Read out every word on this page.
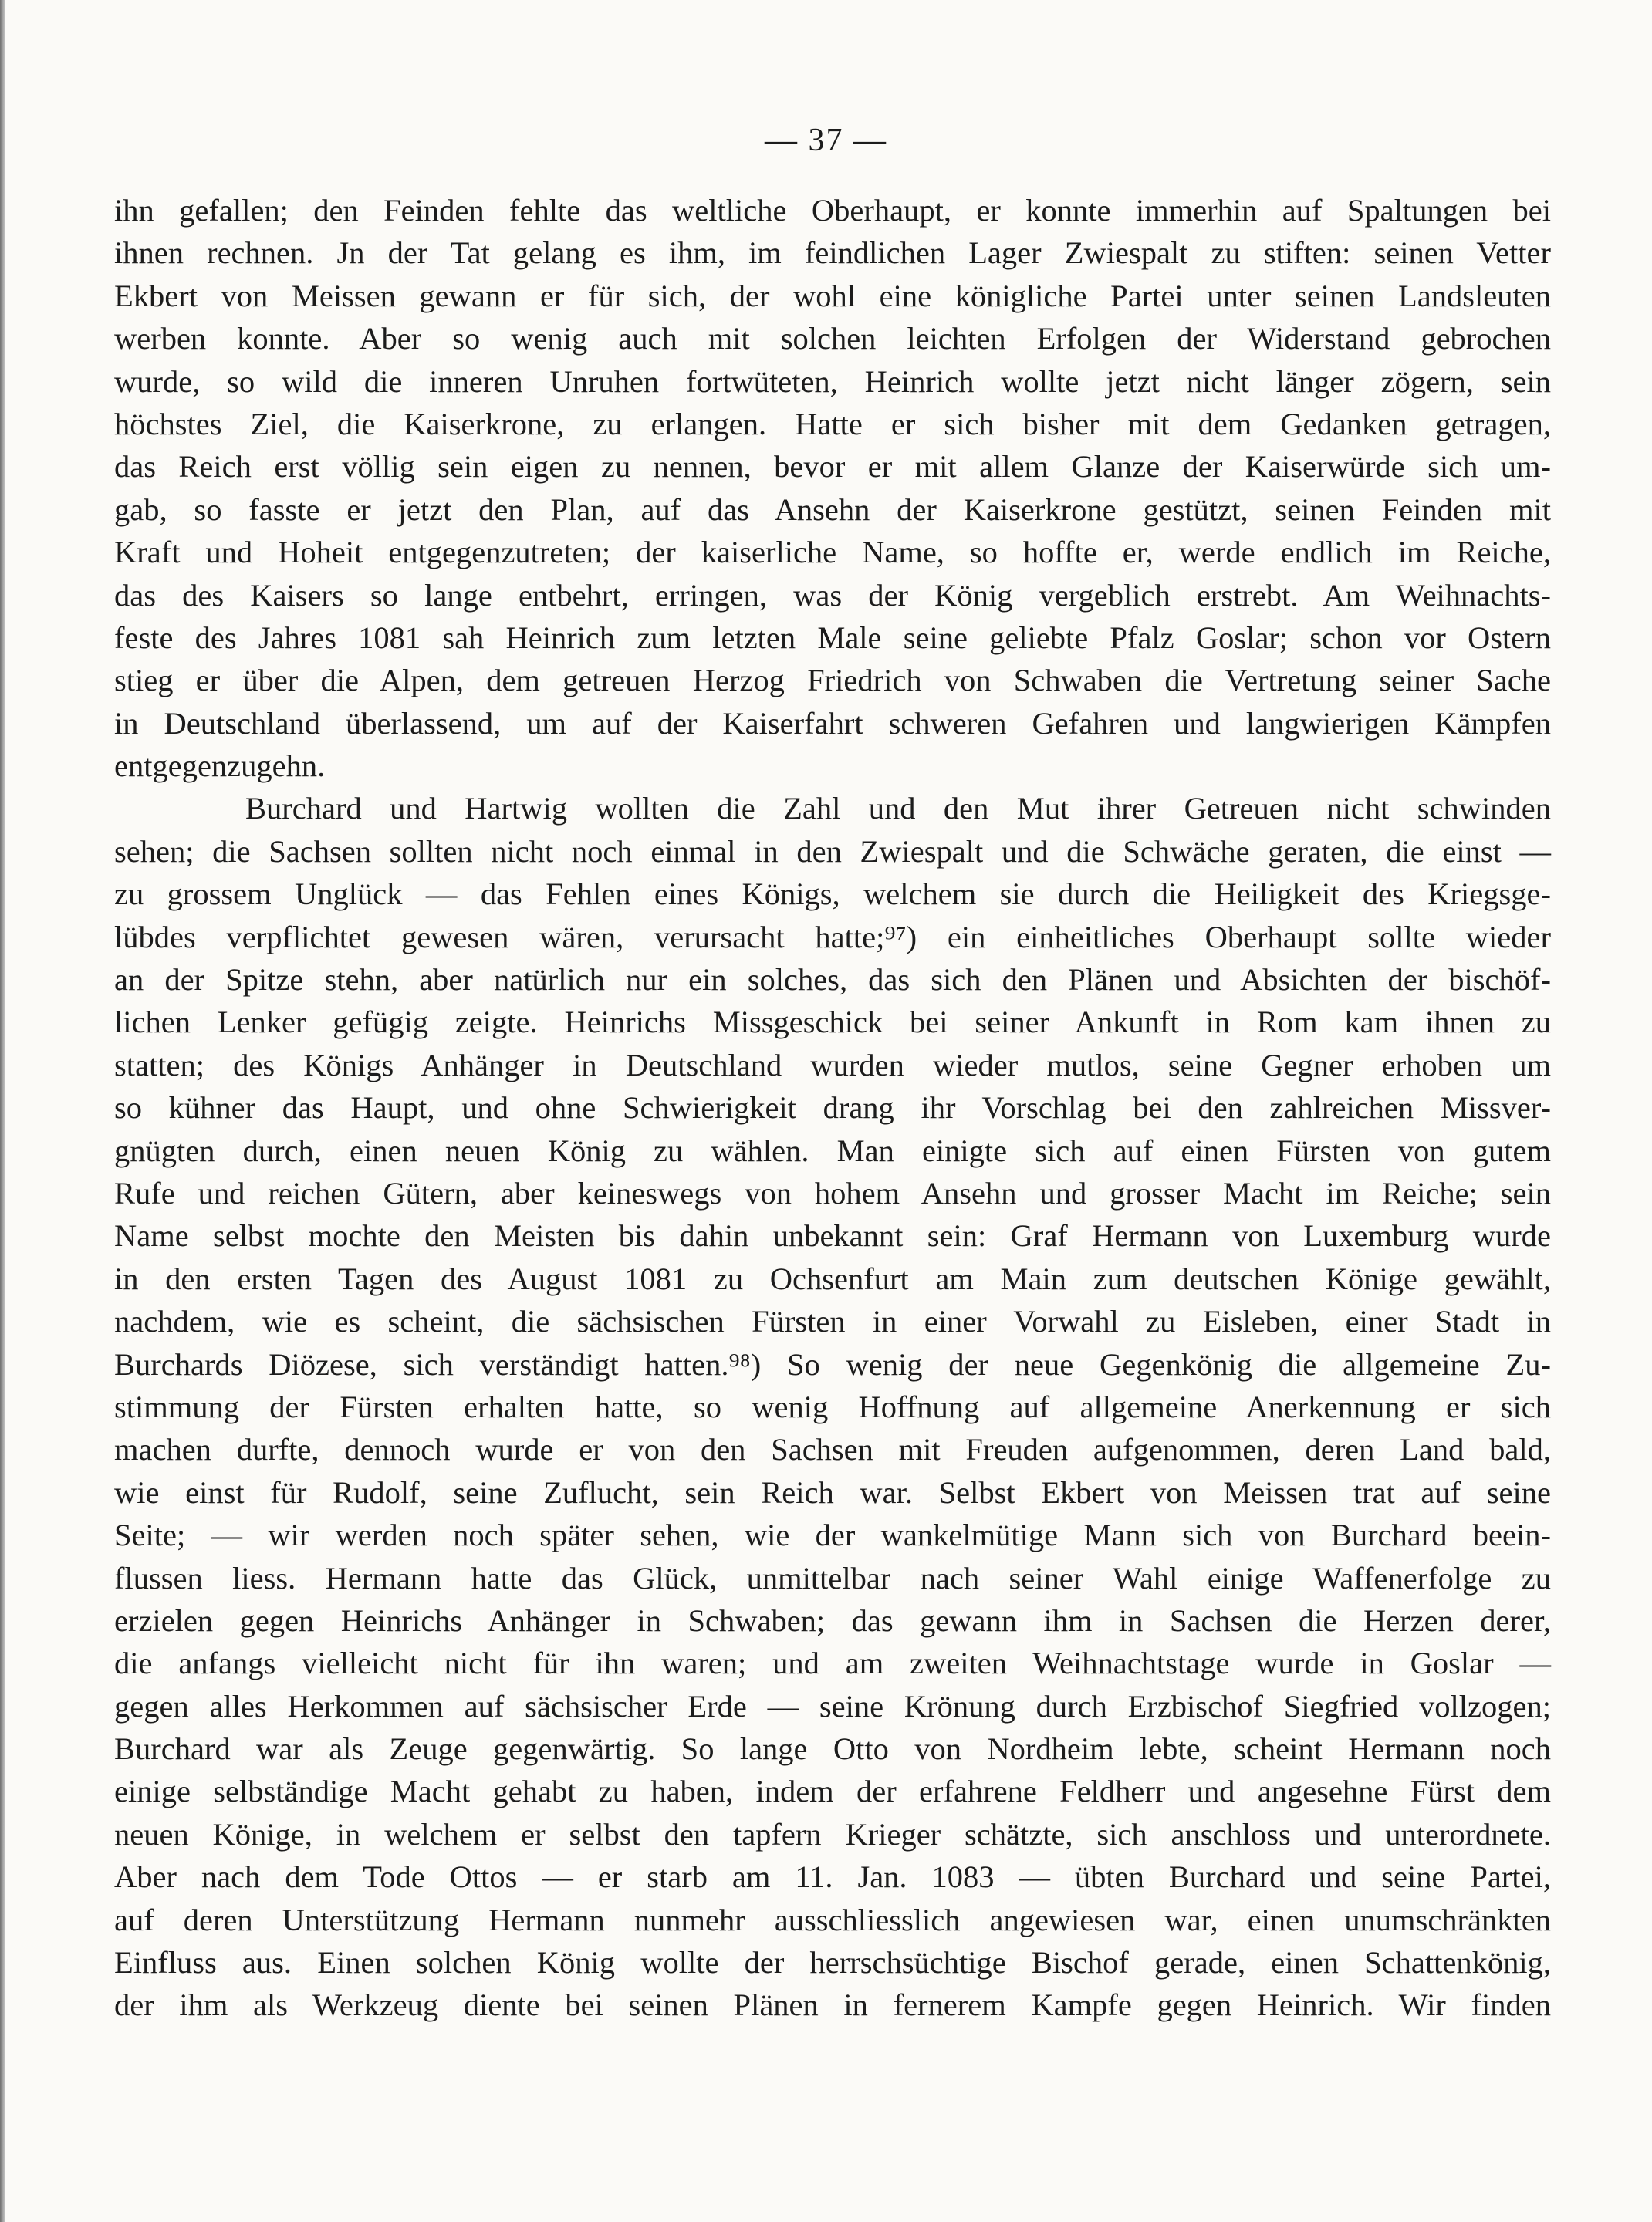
— 37 —
ihn gefallen; den Feinden fehlte das weltliche Oberhaupt, er konnte immerhin auf Spaltungen bei
ihnen rechnen. Jn der Tat gelang es ihm, im feindlichen Lager Zwiespalt zu stiften: seinen Vetter
Ekbert von Meissen gewann er für sich, der wohl eine königliche Partei unter seinen Landsleuten
werben konnte. Aber so wenig auch mit solchen leichten Erfolgen der Widerstand gebrochen
wurde, so wild die inneren Unruhen fortwüteten, Heinrich wollte jetzt nicht länger zögern, sein
höchstes Ziel, die Kaiserkrone, zu erlangen. Hatte er sich bisher mit dem Gedanken getragen,
das Reich erst völlig sein eigen zu nennen, bevor er mit allem Glanze der Kaiserwürde sich um-
gab, so fasste er jetzt den Plan, auf das Ansehn der Kaiserkrone gestützt, seinen Feinden mit
Kraft und Hoheit entgegenzutreten; der kaiserliche Name, so hoffte er, werde endlich im Reiche,
das des Kaisers so lange entbehrt, erringen, was der König vergeblich erstrebt. Am Weihnachts-
feste des Jahres 1081 sah Heinrich zum letzten Male seine geliebte Pfalz Goslar; schon vor Ostern
stieg er über die Alpen, dem getreuen Herzog Friedrich von Schwaben die Vertretung seiner Sache
in Deutschland überlassend, um auf der Kaiserfahrt schweren Gefahren und langwierigen Kämpfen
entgegenzugehn.
Burchard und Hartwig wollten die Zahl und den Mut ihrer Getreuen nicht schwinden
sehen; die Sachsen sollten nicht noch einmal in den Zwiespalt und die Schwäche geraten, die einst —
zu grossem Unglück — das Fehlen eines Königs, welchem sie durch die Heiligkeit des Kriegsge-
lübdes verpflichtet gewesen wären, verursacht hatte;⁹⁷) ein einheitliches Oberhaupt sollte wieder
an der Spitze stehn, aber natürlich nur ein solches, das sich den Plänen und Absichten der bischöf-
lichen Lenker gefügig zeigte. Heinrichs Missgeschick bei seiner Ankunft in Rom kam ihnen zu
statten; des Königs Anhänger in Deutschland wurden wieder mutlos, seine Gegner erhoben um
so kühner das Haupt, und ohne Schwierigkeit drang ihr Vorschlag bei den zahlreichen Missver-
gnügten durch, einen neuen König zu wählen. Man einigte sich auf einen Fürsten von gutem
Rufe und reichen Gütern, aber keineswegs von hohem Ansehn und grosser Macht im Reiche; sein
Name selbst mochte den Meisten bis dahin unbekannt sein: Graf Hermann von Luxemburg wurde
in den ersten Tagen des August 1081 zu Ochsenfurt am Main zum deutschen Könige gewählt,
nachdem, wie es scheint, die sächsischen Fürsten in einer Vorwahl zu Eisleben, einer Stadt in
Burchards Diözese, sich verständigt hatten.⁹⁸) So wenig der neue Gegenkönig die allgemeine Zu-
stimmung der Fürsten erhalten hatte, so wenig Hoffnung auf allgemeine Anerkennung er sich
machen durfte, dennoch wurde er von den Sachsen mit Freuden aufgenommen, deren Land bald,
wie einst für Rudolf, seine Zuflucht, sein Reich war. Selbst Ekbert von Meissen trat auf seine
Seite; — wir werden noch später sehen, wie der wankelmütige Mann sich von Burchard beein-
flussen liess. Hermann hatte das Glück, unmittelbar nach seiner Wahl einige Waffenerfolge zu
erzielen gegen Heinrichs Anhänger in Schwaben; das gewann ihm in Sachsen die Herzen derer,
die anfangs vielleicht nicht für ihn waren; und am zweiten Weihnachtstage wurde in Goslar —
gegen alles Herkommen auf sächsischer Erde — seine Krönung durch Erzbischof Siegfried vollzogen;
Burchard war als Zeuge gegenwärtig. So lange Otto von Nordheim lebte, scheint Hermann noch
einige selbständige Macht gehabt zu haben, indem der erfahrene Feldherr und angesehne Fürst dem
neuen Könige, in welchem er selbst den tapfern Krieger schätzte, sich anschloss und unterordnete.
Aber nach dem Tode Ottos — er starb am 11. Jan. 1083 — übten Burchard und seine Partei,
auf deren Unterstützung Hermann nunmehr ausschliesslich angewiesen war, einen unumschränkten
Einfluss aus. Einen solchen König wollte der herrschsüchtige Bischof gerade, einen Schattenkönig,
der ihm als Werkzeug diente bei seinen Plänen in fernerem Kampfe gegen Heinrich. Wir finden
